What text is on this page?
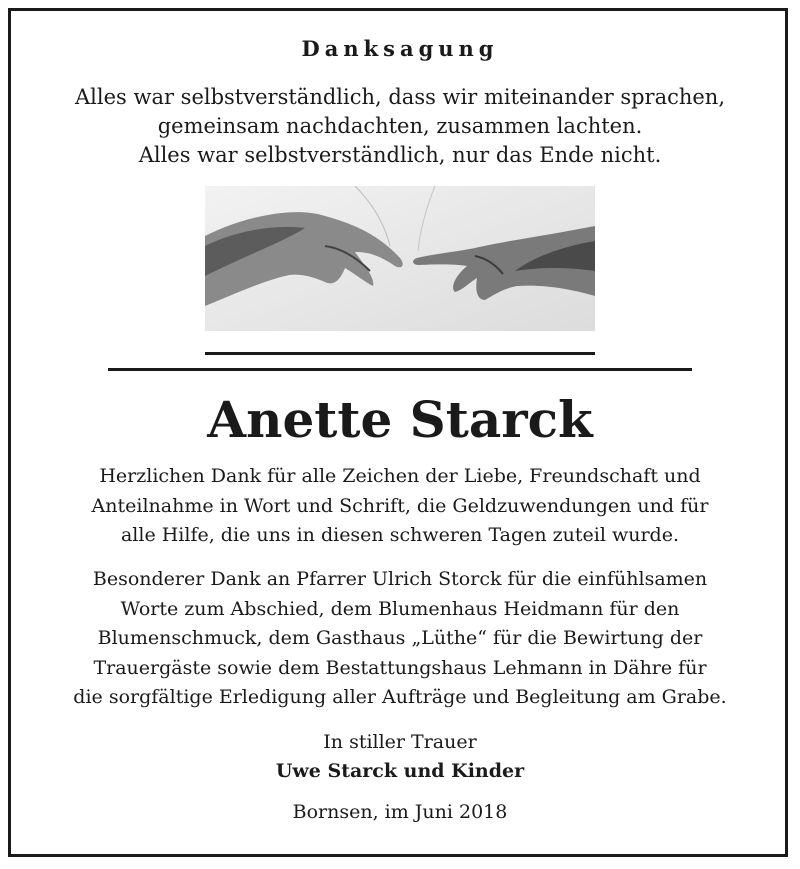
Danksagung
Alles war selbstverständlich, dass wir miteinander sprachen,
gemeinsam nachdachten, zusammen lachten.
Alles war selbstverständlich, nur das Ende nicht.
Anette Starck
Herzlichen Dank für alle Zeichen der Liebe, Freundschaft und
Anteilnahme in Wort und Schrift, die Geldzuwendungen und für
alle Hilfe, die uns in diesen schweren Tagen zuteil wurde.
Besonderer Dank an Pfarrer Ulrich Storck für die einfühlsamen
Worte zum Abschied, dem Blumenhaus Heidmann für den
Blumenschmuck, dem Gasthaus „Lüthe“ für die Bewirtung der
Trauergäste sowie dem Bestattungshaus Lehmann in Dähre für
die sorgfältige Erledigung aller Aufträge und Begleitung am Grabe.
In stiller Trauer
Uwe Starck und Kinder
Bornsen, im Juni 2018
